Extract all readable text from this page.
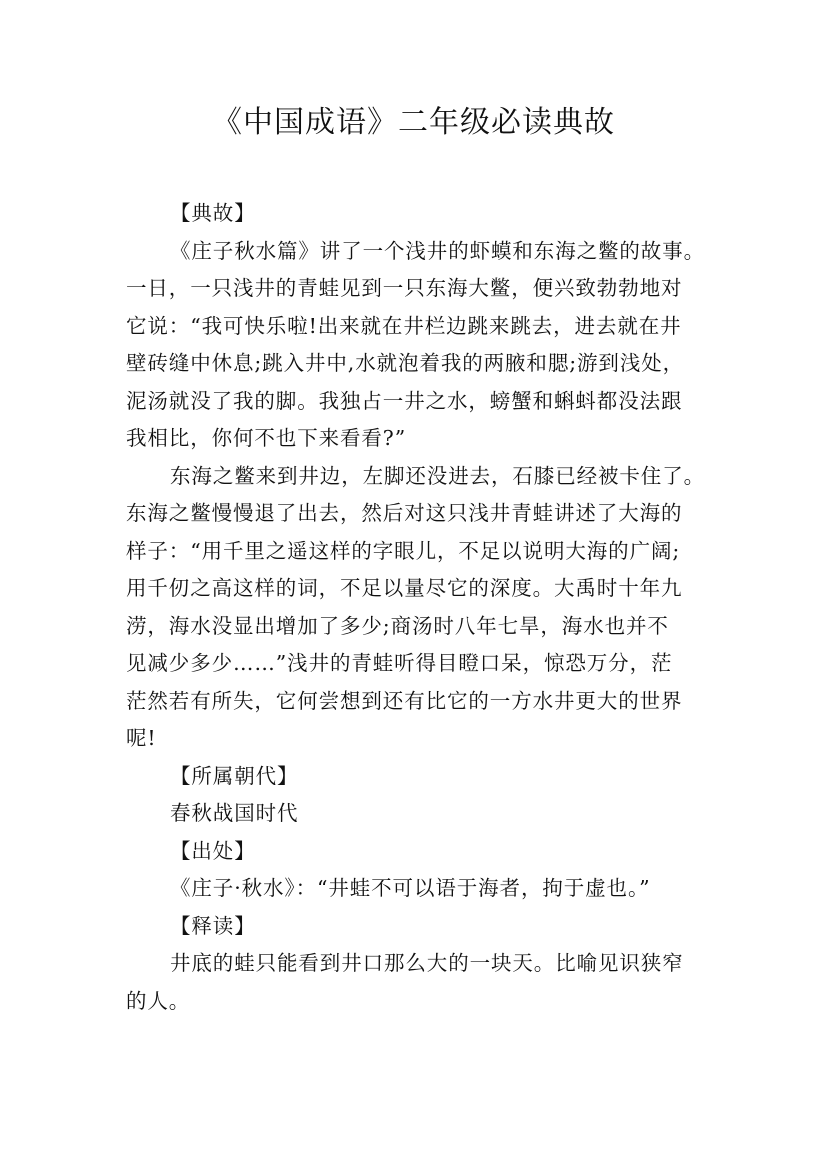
《中国成语》二年级必读典故
【典故】
《庄子秋水篇》讲了一个浅井的虾蟆和东海之鳖的故事。
一日，一只浅井的青蛙见到一只东海大鳖，便兴致勃勃地对
它说：“我可快乐啦!出来就在井栏边跳来跳去，进去就在井
壁砖缝中休息;跳入井中,水就泡着我的两腋和腮;游到浅处，
泥汤就没了我的脚。我独占一井之水，螃蟹和蝌蚪都没法跟
我相比，你何不也下来看看?”
东海之鳖来到井边，左脚还没进去，石膝已经被卡住了。
东海之鳖慢慢退了出去，然后对这只浅井青蛙讲述了大海的
样子：“用千里之遥这样的字眼儿，不足以说明大海的广阔;
用千仞之高这样的词，不足以量尽它的深度。大禹时十年九
涝，海水没显出增加了多少;商汤时八年七旱，海水也并不
见减少多少……”浅井的青蛙听得目瞪口呆，惊恐万分，茫
茫然若有所失，它何尝想到还有比它的一方水井更大的世界
呢!
【所属朝代】
春秋战国时代
【出处】
《庄子·秋水》：“井蛙不可以语于海者，拘于虚也。”
【释读】
井底的蛙只能看到井口那么大的一块天。比喻见识狭窄
的人。
